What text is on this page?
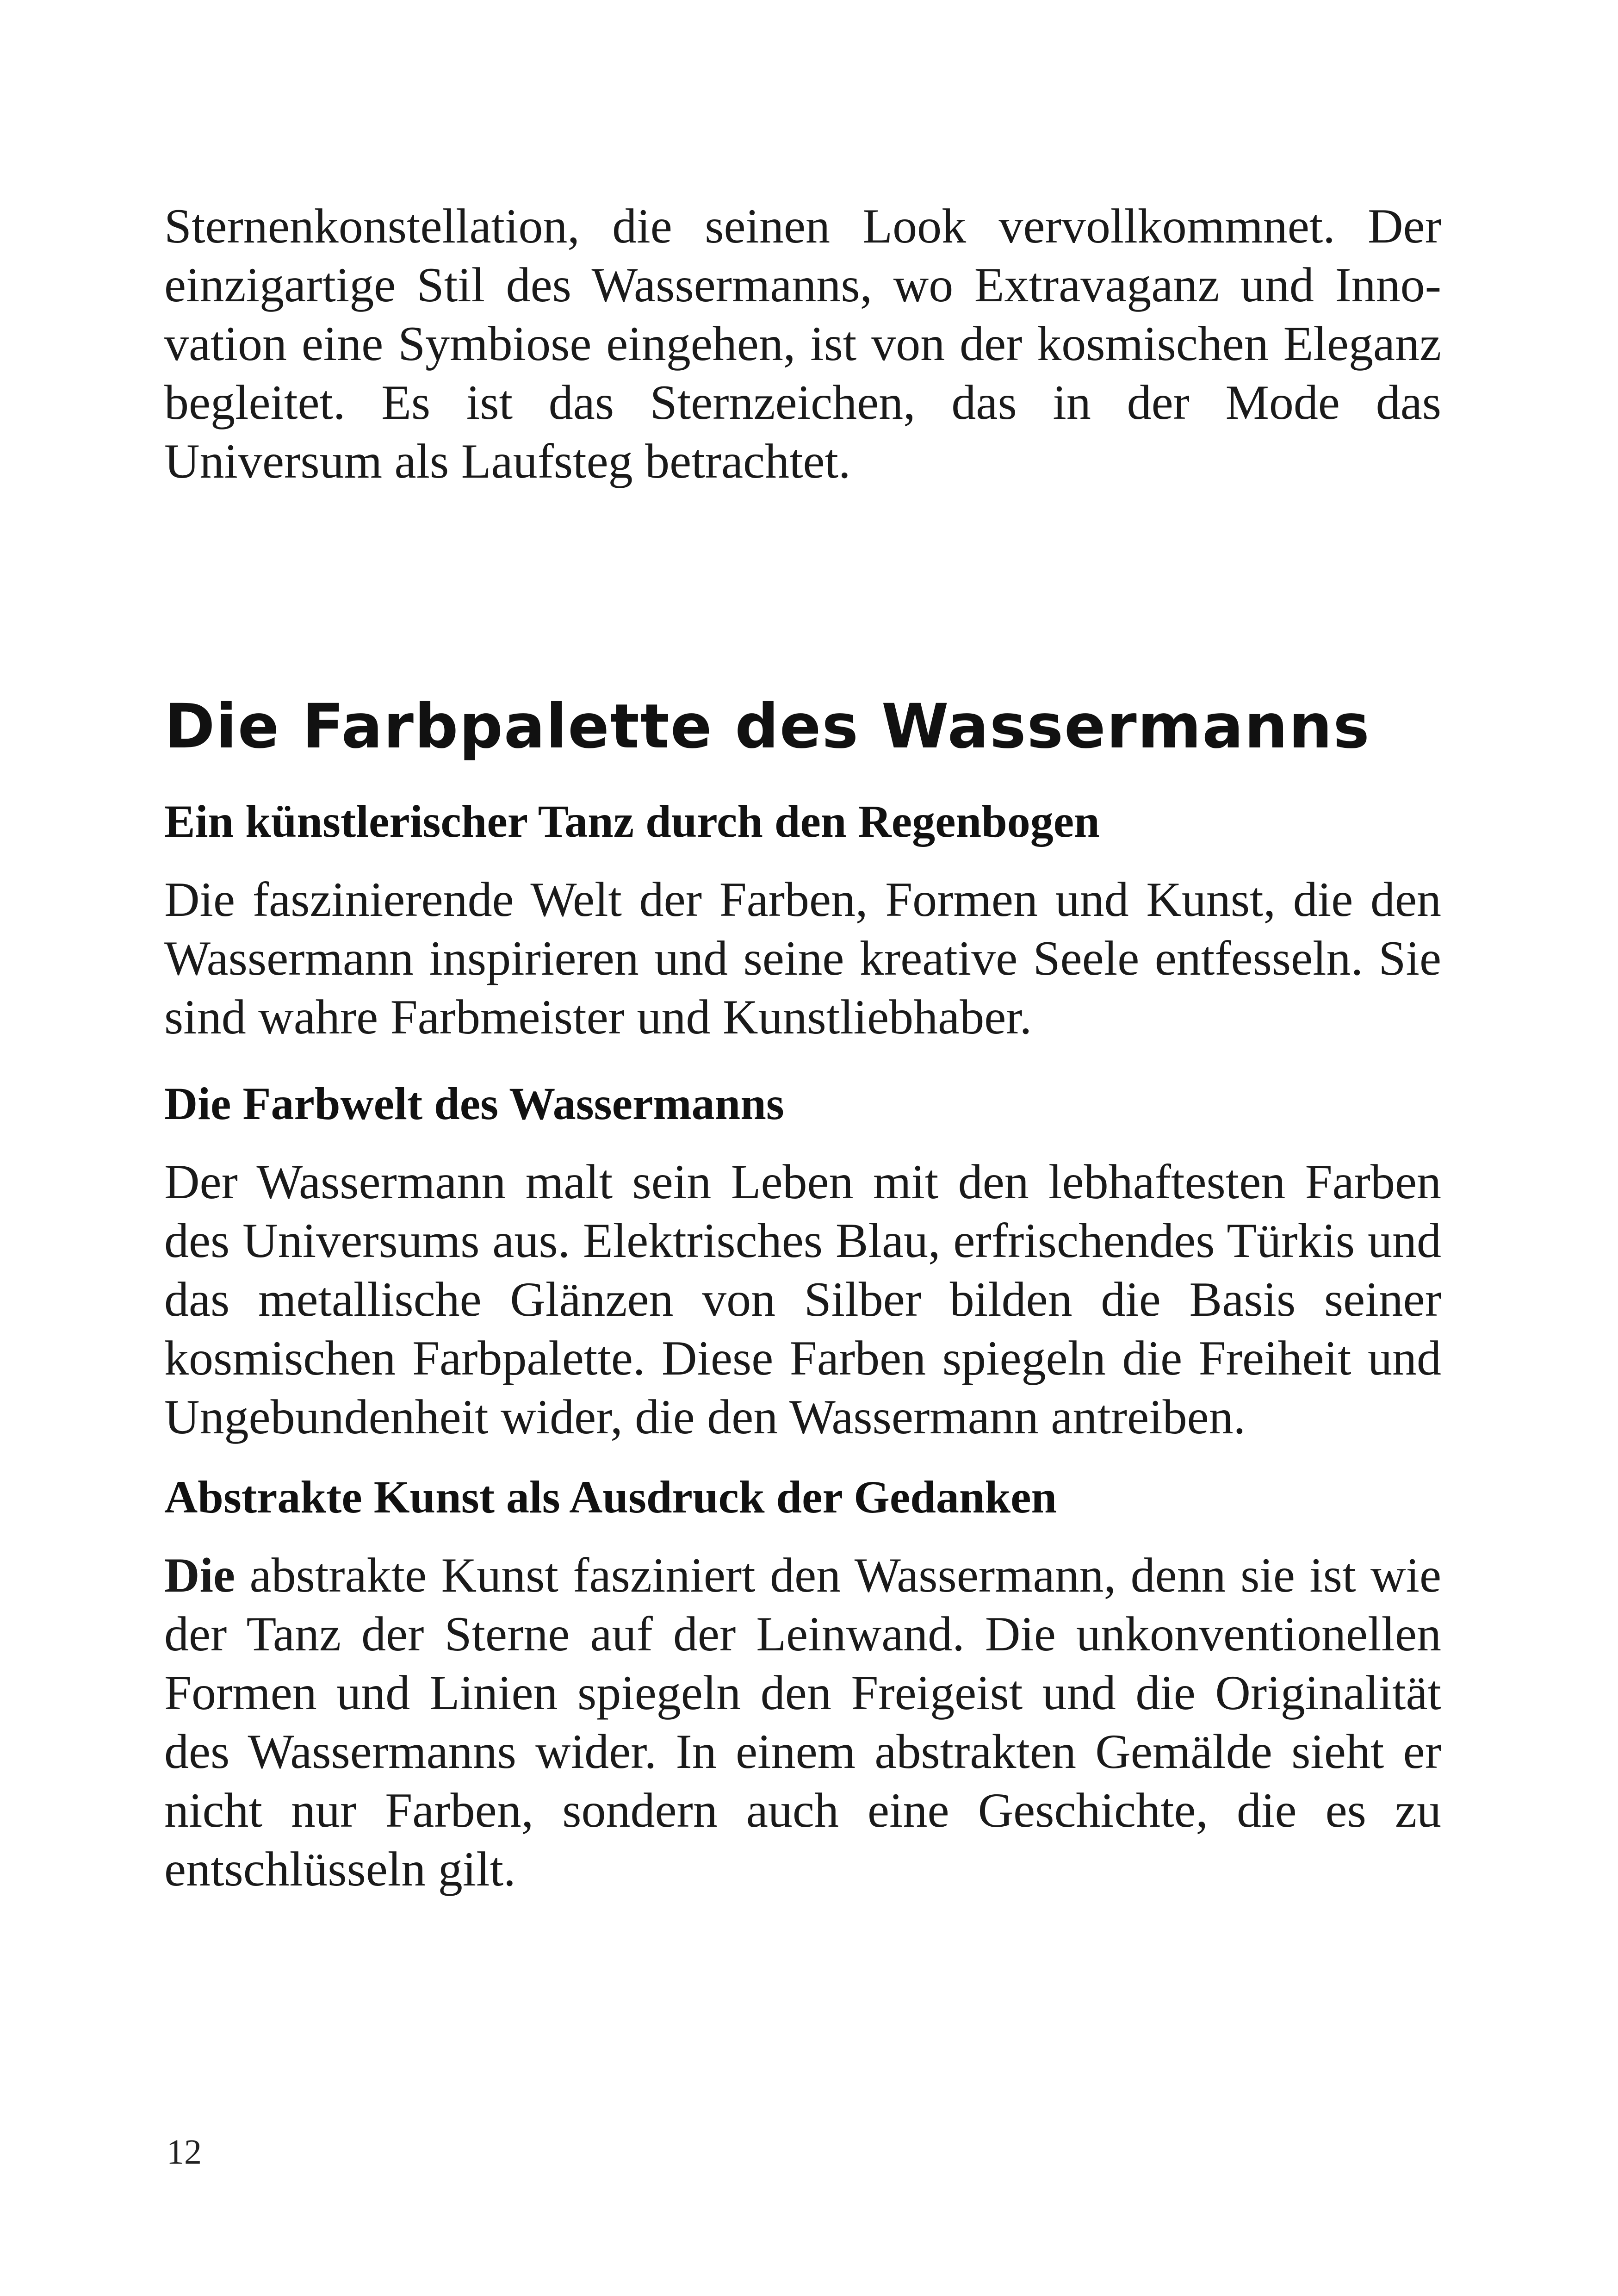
Sternenkonstellation, die seinen Look vervollkommnet. Der einzigartige Stil des Wassermanns, wo Extravaganz und Innovation eine Symbiose eingehen, ist von der kosmischen Eleganz begleitet. Es ist das Sternzeichen, das in der Mode das Universum als Laufsteg betrachtet.

Die Farbpalette des Wassermanns
Ein künstlerischer Tanz durch den Regenbogen

Die faszinierende Welt der Farben, Formen und Kunst, die den Wassermann inspirieren und seine kreative Seele entfesseln. Sie sind wahre Farbmeister und Kunstliebhaber.

Die Farbwelt des Wassermanns

Der Wassermann malt sein Leben mit den lebhaftesten Farben des Universums aus. Elektrisches Blau, erfrischendes Türkis und das metallische Glänzen von Silber bilden die Basis seiner kosmischen Farbpalette. Diese Farben spiegeln die Freiheit und Ungebundenheit wider, die den Wassermann antreiben.

Abstrakte Kunst als Ausdruck der Gedanken

Die abstrakte Kunst fasziniert den Wassermann, denn sie ist wie der Tanz der Sterne auf der Leinwand. Die unkonventionellen Formen und Linien spiegeln den Freigeist und die Originalität des Wassermanns wider. In einem abstrakten Gemälde sieht er nicht nur Farben, sondern auch eine Geschichte, die es zu entschlüsseln gilt.

12
